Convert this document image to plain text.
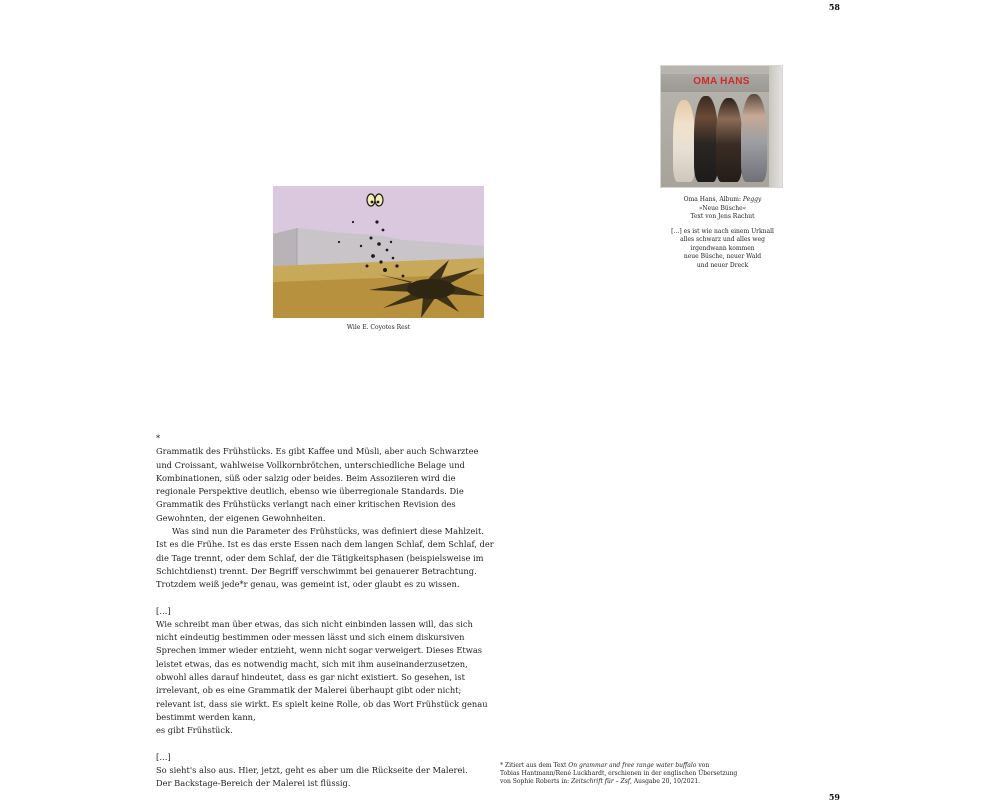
58
OMA HANS

Oma Hans, Album: Peggy
»Neue Büsche«
Text von Jens Rachut

[…] es ist wie nach einem Urknall
alles schwarz und alles weg
irgendwann kommen
neue Büsche, neuer Wald
und neuer Dreck

Wile E. Coyotes Rest

*

Grammatik des Frühstücks. Es gibt Kaffee und Müsli, aber auch Schwarztee und Croissant, wahlweise Vollkornbrötchen, unterschiedliche Belage und Kombinationen, süß oder salzig oder beides. Beim Assoziieren wird die regionale Perspektive deutlich, ebenso wie überregionale Standards. Die Grammatik des Frühstücks verlangt nach einer kritischen Revision des Gewohnten, der eigenen Gewohnheiten.

Was sind nun die Parameter des Frühstücks, was definiert diese Mahlzeit. Ist es die Frühe. Ist es das erste Essen nach dem langen Schlaf, dem Schlaf, der die Tage trennt, oder dem Schlaf, der die Tätigkeitsphasen (beispielsweise im Schichtdienst) trennt. Der Begriff verschwimmt bei genauerer Betrachtung. Trotzdem weiß jede*r genau, was gemeint ist, oder glaubt es zu wissen.

[…]

Wie schreibt man über etwas, das sich nicht einbinden lassen will, das sich nicht eindeutig bestimmen oder messen lässt und sich einem diskursiven Sprechen immer wieder entzieht, wenn nicht sogar verweigert. Dieses Etwas leistet etwas, das es notwendig macht, sich mit ihm auseinanderzusetzen, obwohl alles darauf hindeutet, dass es gar nicht existiert. So gesehen, ist irrelevant, ob es eine Grammatik der Malerei überhaupt gibt oder nicht; relevant ist, dass sie wirkt. Es spielt keine Rolle, ob das Wort Frühstück genau bestimmt werden kann,

es gibt Frühstück.

[…]

So sieht's also aus. Hier, jetzt, geht es aber um die Rückseite der Malerei.

Der Backstage-Bereich der Malerei ist flüssig.

* Zitiert aus dem Text On grammar and free range water buffalo von
Tobias Hantmann/René Luckhardt, erschienen in der englischen Übersetzung
von Sophie Roberts in: Zeitschrift für – Zsf, Ausgabe 20, 10/2021.
59
